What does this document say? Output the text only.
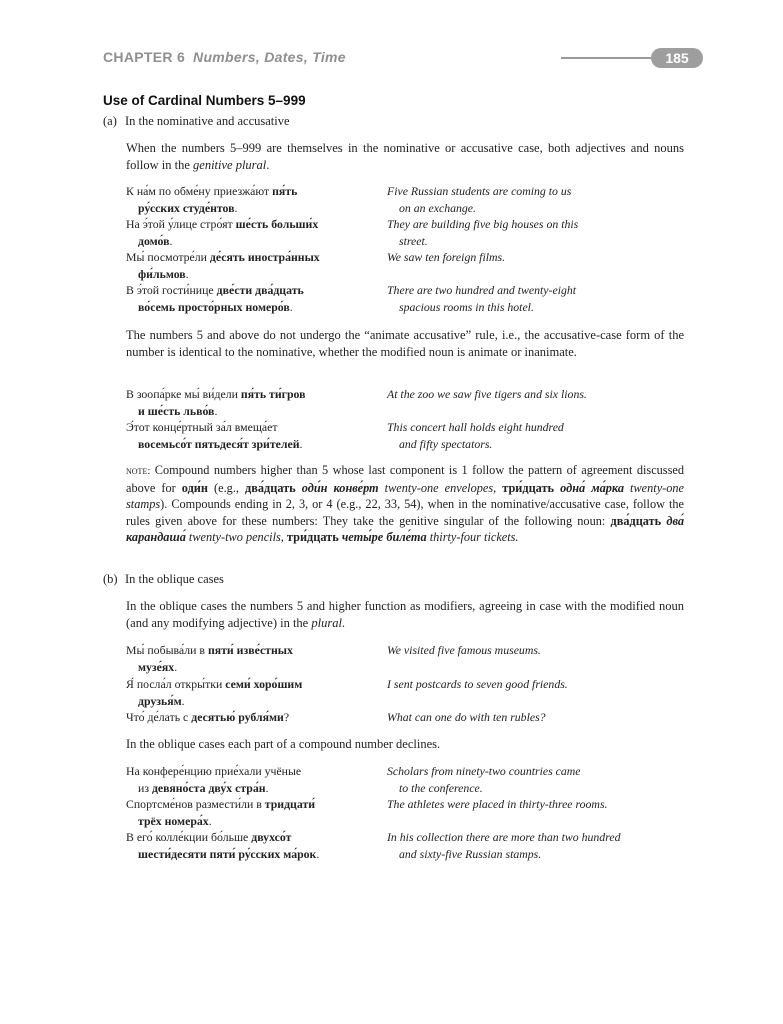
CHAPTER 6 Numbers, Dates, Time	185
Use of Cardinal Numbers 5–999
(a) In the nominative and accusative
When the numbers 5–999 are themselves in the nominative or accusative case, both adjectives and nouns follow in the genitive plural.
К на́м по обме́ну приезжа́ют пя́ть
ру́сских студе́нтов.
Five Russian students are coming to us
on an exchange.
На э́той у́лице стро́ят ше́сть больши́х
домо́в.
They are building five big houses on this
street.
Мы́ посмотре́ли де́сять иностра́нных
фи́льмов.
We saw ten foreign films.
В э́той гости́нице две́сти два́дцать
во́семь просто́рных номеро́в.
There are two hundred and twenty-eight
spacious rooms in this hotel.
The numbers 5 and above do not undergo the “animate accusative” rule, i.e., the accusative-case form of the number is identical to the nominative, whether the modified noun is animate or inanimate.
В зоопа́рке мы́ ви́дели пя́ть ти́гров
и ше́сть льво́в.
At the zoo we saw five tigers and six lions.
Э́тот конце́ртный за́л вмеща́ет
восемьсо́т пятьдеся́т зри́телей.
This concert hall holds eight hundred
and fifty spectators.
note: Compound numbers higher than 5 whose last component is 1 follow the pattern of agreement discussed above for оди́н (e.g., два́дцать оди́н конве́рт twenty-one envelopes, три́дцать одна́ ма́рка twenty-one stamps). Compounds ending in 2, 3, or 4 (e.g., 22, 33, 54), when in the nominative/accusative case, follow the rules given above for these numbers: They take the genitive singular of the following noun: два́дцать два́ карандаша́ twenty-two pencils, три́дцать четы́ре биле́та thirty-four tickets.
(b) In the oblique cases
In the oblique cases the numbers 5 and higher function as modifiers, agreeing in case with the modified noun (and any modifying adjective) in the plural.
Мы́ побыва́ли в пяти́ изве́стных
музе́ях.
We visited five famous museums.
Я́ посла́л откры́тки семи́ хоро́шим
друзья́м.
I sent postcards to seven good friends.
Что́ де́лать с десятью́ рубля́ми?	What can one do with ten rubles?
In the oblique cases each part of a compound number declines.
На конфере́нцию прие́хали учёные
из девяно́ста дву́х стра́н.
Scholars from ninety-two countries came
to the conference.
Спортсме́нов размести́ли в тридцати́
трёх номера́х.
The athletes were placed in thirty-three rooms.
В его́ колле́кции бо́льше двухсо́т
шести́десяти пяти́ ру́сских ма́рок.
In his collection there are more than two hundred
and sixty-five Russian stamps.
